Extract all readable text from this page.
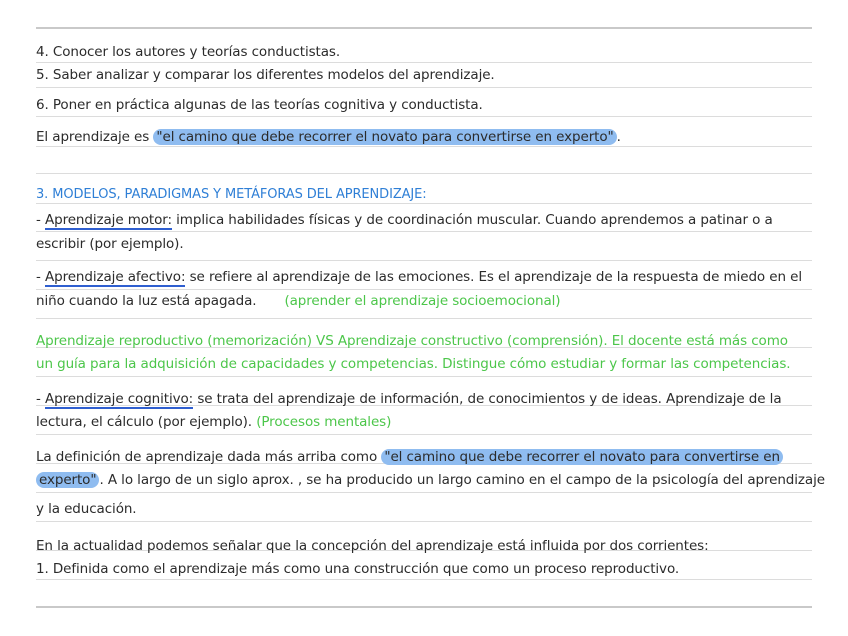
4. Conocer los autores y teorías conductistas.
5. Saber analizar y comparar los diferentes modelos del aprendizaje.
6. Poner en práctica algunas de las teorías cognitiva y conductista.
El aprendizaje es "el camino que debe recorrer el novato para convertirse en experto" .
3. MODELOS, PARADIGMAS Y METÁFORAS DEL APRENDIZAJE:
- Aprendizaje motor: implica habilidades físicas y de coordinación muscular. Cuando aprendemos a patinar o a
escribir (por ejemplo).
- Aprendizaje afectivo: se refiere al aprendizaje de las emociones. Es el aprendizaje de la respuesta de miedo en el
niño cuando la luz está apagada. (aprender el aprendizaje socioemocional)
Aprendizaje reproductivo (memorización) VS Aprendizaje constructivo (comprensión). El docente está más como
un guía para la adquisición de capacidades y competencias. Distingue cómo estudiar y formar las competencias.
- Aprendizaje cognitivo: se trata del aprendizaje de información, de conocimientos y de ideas. Aprendizaje de la
lectura, el cálculo (por ejemplo). (Procesos mentales)
La definición de aprendizaje dada más arriba como "el camino que debe recorrer el novato para convertirse en
experto" . A lo largo de un siglo aprox. , se ha producido un largo camino en el campo de la psicología del aprendizaje
y la educación.
En la actualidad podemos señalar que la concepción del aprendizaje está influida por dos corrientes:
1. Definida como el aprendizaje más como una construcción que como un proceso reproductivo.
